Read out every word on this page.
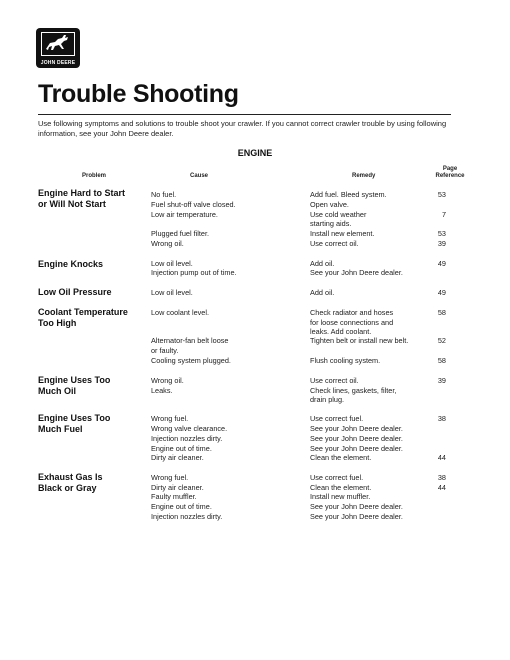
JOHN DEERE
Trouble Shooting

Use following symptoms and solutions to trouble shoot your crawler. If you cannot correct crawler trouble by using following information, see your John Deere dealer.

ENGINE
Problem	Cause	Remedy
Page
Reference
Engine Hard to Start
or Will Not Start
Engine Knocks
Low Oil Pressure
Coolant Temperature
Too High
Engine Uses Too
Much Oil
Engine Uses Too
Much Fuel
Exhaust Gas Is
Black or Gray
No fuel.
Fuel shut-off valve closed.
Low air temperature.
Plugged fuel filter.
Wrong oil.
Low oil level.
Injection pump out of time.
Low oil level.
Low coolant level.
Alternator-fan belt loose
or faulty.
Cooling system plugged.
Wrong oil.
Leaks.
Wrong fuel.
Wrong valve clearance.
Injection nozzles dirty.
Engine out of time.
Dirty air cleaner.
Wrong fuel.
Dirty air cleaner.
Faulty muffler.
Engine out of time.
Injection nozzles dirty.
Add fuel. Bleed system.
Open valve.
Use cold weather
starting aids.
Install new element.
Use correct oil.
Add oil.
See your John Deere dealer.
Add oil.
Check radiator and hoses
for loose connections and
leaks. Add coolant.
Tighten belt or install new belt.
Flush cooling system.
Use correct oil.
Check lines, gaskets, filter,
drain plug.
Use correct fuel.
See your John Deere dealer.
See your John Deere dealer.
See your John Deere dealer.
Clean the element.
Use correct fuel.
Clean the element.
Install new muffler.
See your John Deere dealer.
See your John Deere dealer.
53
7
53
39
49
49
58
52
58
39
38
44
38
44
